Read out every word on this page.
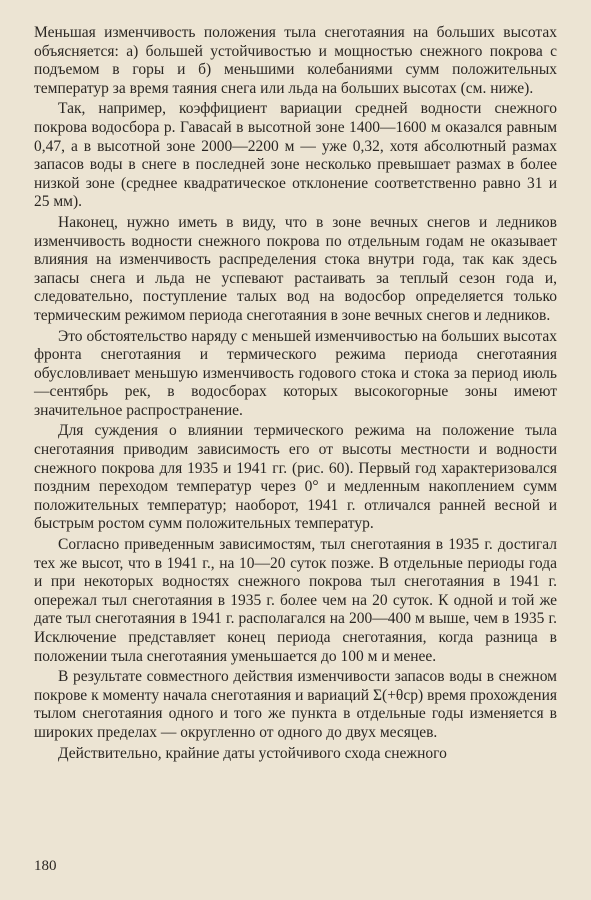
Меньшая изменчивость положения тыла снеготаяния на больших высотах объясняется: а) большей устойчивостью и мощностью снежного покрова с подъемом в горы и б) меньшими колебаниями сумм положительных температур за время таяния снега или льда на больших высотах (см. ниже).

Так, например, коэффициент вариации средней водности снежного покрова водосбора р. Гавасай в высотной зоне 1400—1600 м оказался равным 0,47, а в высотной зоне 2000—2200 м — уже 0,32, хотя абсолютный размах запасов воды в снеге в последней зоне несколько превышает размах в более низкой зоне (среднее квадратическое отклонение соответственно равно 31 и 25 мм).

Наконец, нужно иметь в виду, что в зоне вечных снегов и ледников изменчивость водности снежного покрова по отдельным годам не оказывает влияния на изменчивость распределения стока внутри года, так как здесь запасы снега и льда не успевают растаивать за теплый сезон года и, следовательно, поступление талых вод на водосбор определяется только термическим режимом периода снеготаяния в зоне вечных снегов и ледников.

Это обстоятельство наряду с меньшей изменчивостью на больших высотах фронта снеготаяния и термического режима периода снеготаяния обусловливает меньшую изменчивость годового стока и стока за период июль—сентябрь рек, в водосборах которых высокогорные зоны имеют значительное распространение.

Для суждения о влиянии термического режима на положение тыла снеготаяния приводим зависимость его от высоты местности и водности снежного покрова для 1935 и 1941 гг. (рис. 60). Первый год характеризовался поздним переходом температур через 0° и медленным накоплением сумм положительных температур; наоборот, 1941 г. отличался ранней весной и быстрым ростом сумм положительных температур.

Согласно приведенным зависимостям, тыл снеготаяния в 1935 г. достигал тех же высот, что в 1941 г., на 10—20 суток позже. В отдельные периоды года и при некоторых водностях снежного покрова тыл снеготаяния в 1941 г. опережал тыл снеготаяния в 1935 г. более чем на 20 суток. К одной и той же дате тыл снеготаяния в 1941 г. располагался на 200—400 м выше, чем в 1935 г. Исключение представляет конец периода снеготаяния, когда разница в положении тыла снеготаяния уменьшается до 100 м и менее.

В результате совместного действия изменчивости запасов воды в снежном покрове к моменту начала снеготаяния и вариаций Σ(+θср) время прохождения тылом снеготаяния одного и того же пункта в отдельные годы изменяется в широких пределах — округленно от одного до двух месяцев.

Действительно, крайние даты устойчивого схода снежного

180
